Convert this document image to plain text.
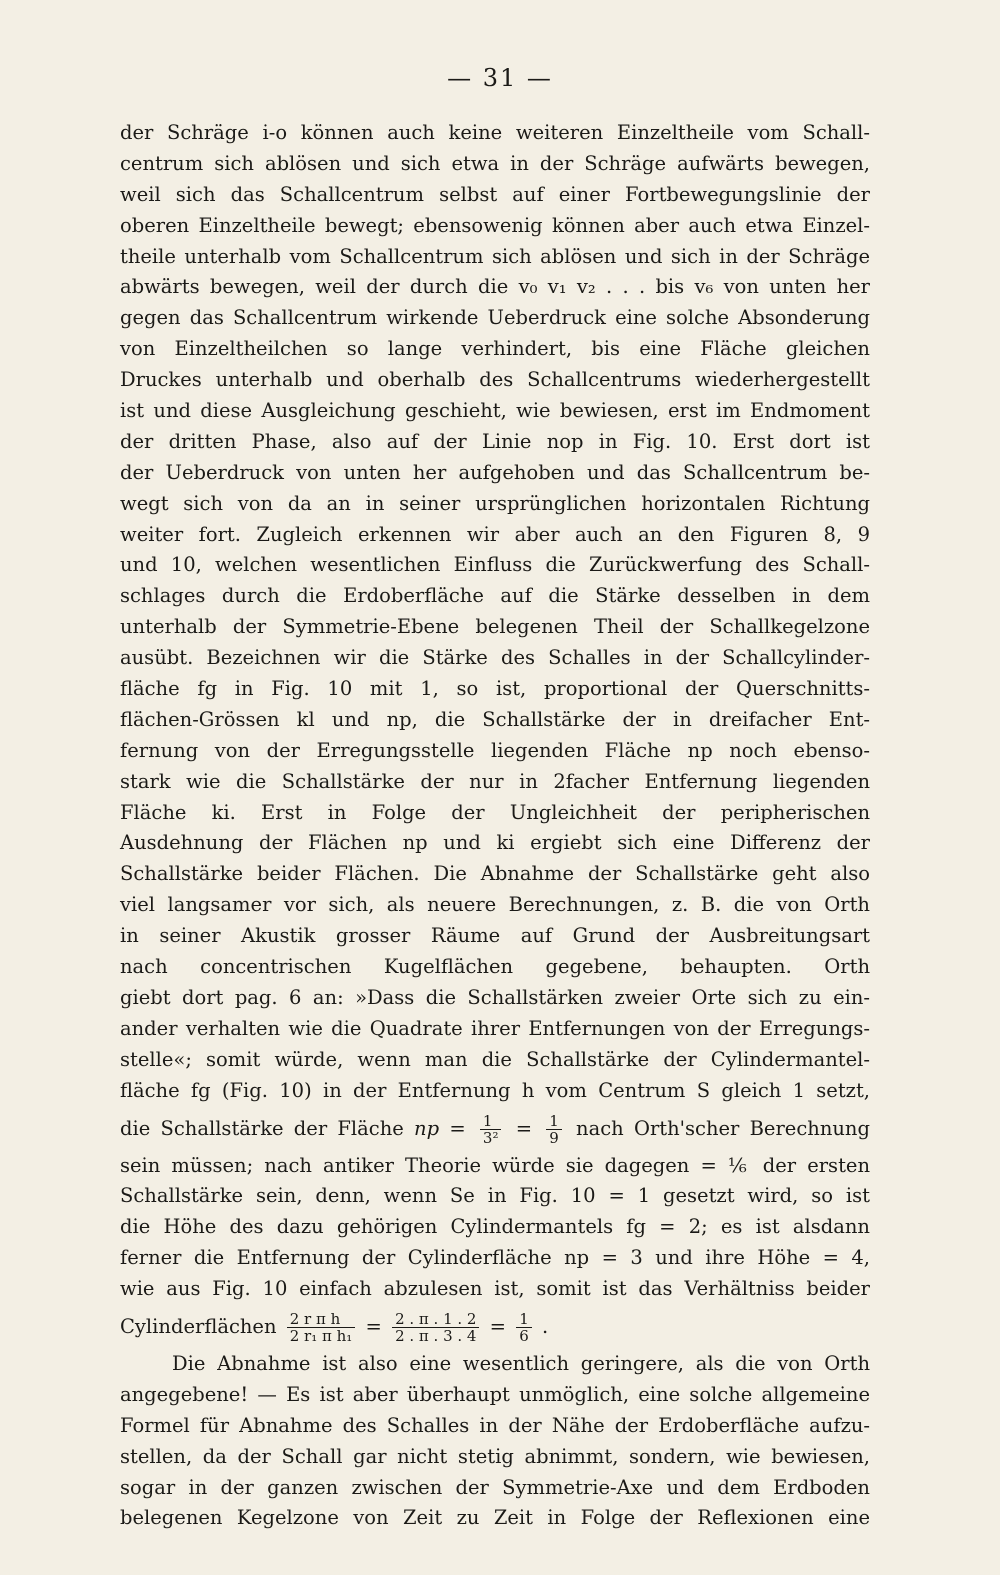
— 31 —
der Schräge i-o können auch keine weiteren Einzeltheile vom Schall-
centrum sich ablösen und sich etwa in der Schräge aufwärts bewegen,
weil sich das Schallcentrum selbst auf einer Fortbewegungslinie der
oberen Einzeltheile bewegt; ebensowenig können aber auch etwa Einzel-
theile unterhalb vom Schallcentrum sich ablösen und sich in der Schräge
abwärts bewegen, weil der durch die v₀ v₁ v₂ . . . bis v₆ von unten her
gegen das Schallcentrum wirkende Ueberdruck eine solche Absonderung
von Einzeltheilchen so lange verhindert, bis eine Fläche gleichen
Druckes unterhalb und oberhalb des Schallcentrums wiederhergestellt
ist und diese Ausgleichung geschieht, wie bewiesen, erst im Endmoment
der dritten Phase, also auf der Linie nop in Fig. 10. Erst dort ist
der Ueberdruck von unten her aufgehoben und das Schallcentrum be-
wegt sich von da an in seiner ursprünglichen horizontalen Richtung
weiter fort. Zugleich erkennen wir aber auch an den Figuren 8, 9
und 10, welchen wesentlichen Einfluss die Zurückwerfung des Schall-
schlages durch die Erdoberfläche auf die Stärke desselben in dem
unterhalb der Symmetrie-Ebene belegenen Theil der Schallkegelzone
ausübt. Bezeichnen wir die Stärke des Schalles in der Schallcylinder-
fläche fg in Fig. 10 mit 1, so ist, proportional der Querschnitts-
flächen-Grössen kl und np, die Schallstärke der in dreifacher Ent-
fernung von der Erregungsstelle liegenden Fläche np noch ebenso-
stark wie die Schallstärke der nur in 2facher Entfernung liegenden
Fläche ki. Erst in Folge der Ungleichheit der peripherischen
Ausdehnung der Flächen np und ki ergiebt sich eine Differenz der
Schallstärke beider Flächen. Die Abnahme der Schallstärke geht also
viel langsamer vor sich, als neuere Berechnungen, z. B. die von Orth
in seiner Akustik grosser Räume auf Grund der Ausbreitungsart
nach concentrischen Kugelflächen gegebene, behaupten. Orth
giebt dort pag. 6 an: »Dass die Schallstärken zweier Orte sich zu ein-
ander verhalten wie die Quadrate ihrer Entfernungen von der Erregungs-
stelle«; somit würde, wenn man die Schallstärke der Cylindermantel-
fläche fg (Fig. 10) in der Entfernung h vom Centrum S gleich 1 setzt,
die Schallstärke der Fläche np = $\frac{1}{\text{3²}} = \frac{1}{9}$ nach Orth'scher Berechnung
sein müssen; nach antiker Theorie würde sie dagegen = ⅙ der ersten
Schallstärke sein, denn, wenn Se in Fig. 10 = 1 gesetzt wird, so ist
die Höhe des dazu gehörigen Cylindermantels fg = 2; es ist alsdann
ferner die Entfernung der Cylinderfläche np = 3 und ihre Höhe = 4,
wie aus Fig. 10 einfach abzulesen ist, somit ist das Verhältniss beider
Cylinderflächen $\frac{\text{2 r π h}}{\text{2 r₁ π h₁}} = \frac{2 . \pi . 1 . 2}{2 . \pi . 3 . 4} = \frac{1}{6}$ .
Die Abnahme ist also eine wesentlich geringere, als die von Orth
angegebene! — Es ist aber überhaupt unmöglich, eine solche allgemeine
Formel für Abnahme des Schalles in der Nähe der Erdoberfläche aufzu-
stellen, da der Schall gar nicht stetig abnimmt, sondern, wie bewiesen,
sogar in der ganzen zwischen der Symmetrie-Axe und dem Erdboden
belegenen Kegelzone von Zeit zu Zeit in Folge der Reflexionen eine
